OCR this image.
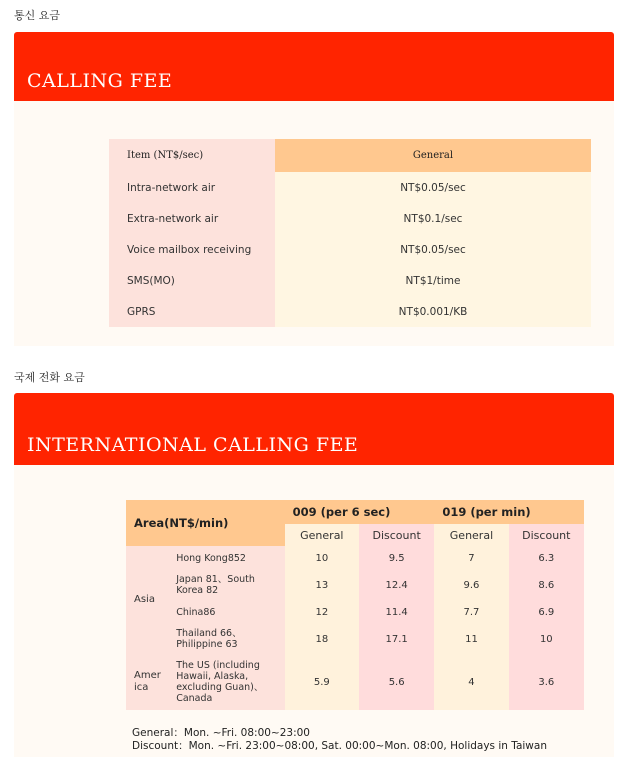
통신 요금
CALLING FEE
Item (NT$/sec)	General
Intra-network air	NT$0.05/sec
Extra-network air	NT$0.1/sec
Voice mailbox receiving	NT$0.05/sec
SMS(MO)	NT$1/time
GPRS	NT$0.001/KB
국제 전화 요금
INTERNATIONAL CALLING FEE
Area(NT$/min)		009 (per 6 sec)		019 (per min)	
		General	Discount	General	Discount
Asia	Hong Kong852	10	9.5	7	6.3
	Japan 81、South Korea 82	13	12.4	9.6	8.6
	China86	12	11.4	7.7	6.9
	Thailand 66、Philippine 63	18	17.1	11	10
Amer ica	The US (including Hawaii, Alaska, excluding Guan)、Canada	5.9	5.6	4	3.6
General：Mon. ~Fri. 08:00~23:00
Discount：Mon. ~Fri. 23:00~08:00, Sat. 00:00~Mon. 08:00, Holidays in Taiwan
